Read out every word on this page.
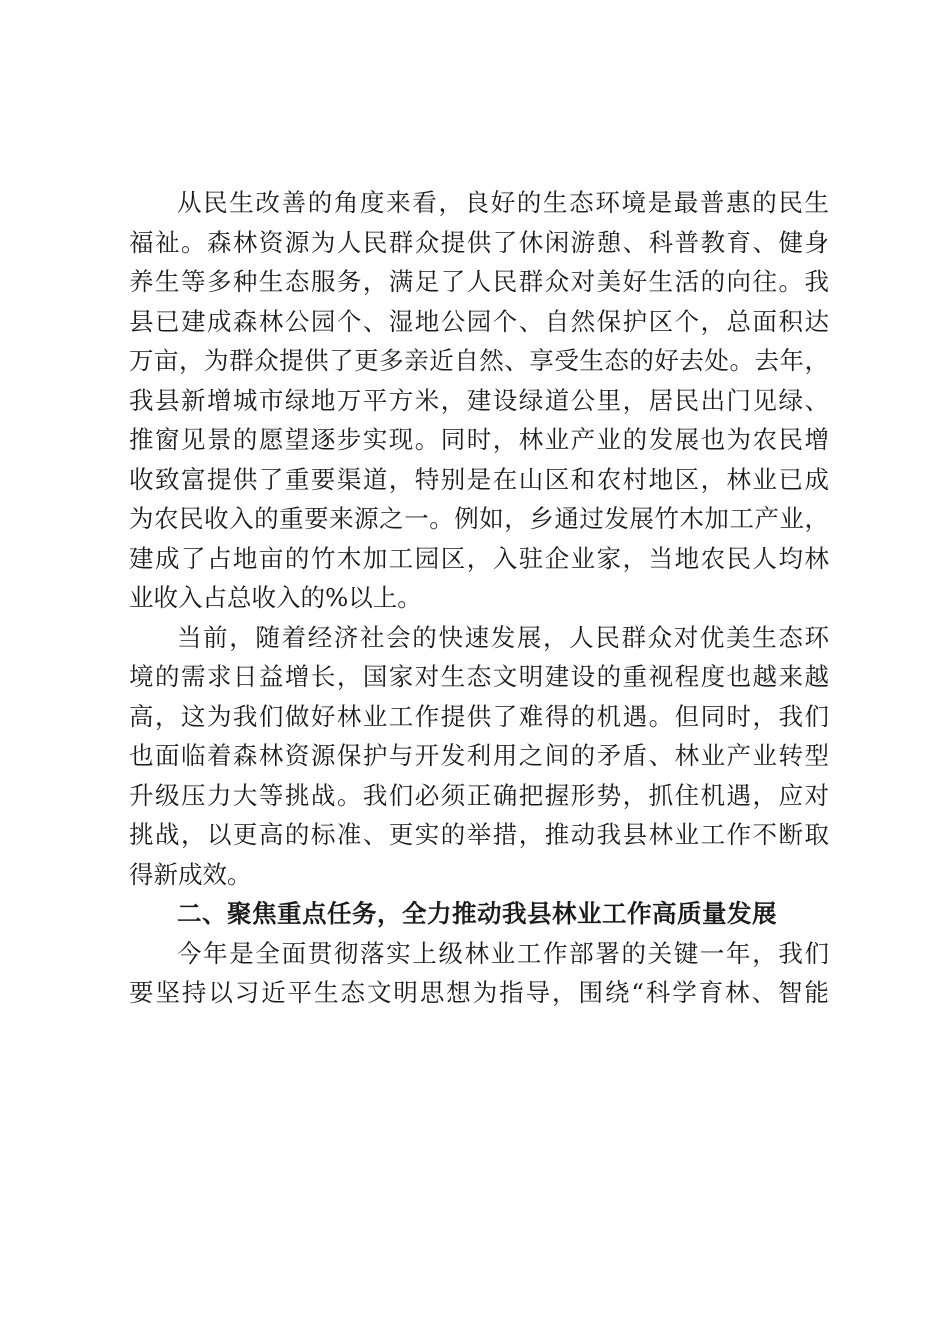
从民生改善的角度来看，良好的生态环境是最普惠的民生
福祉。森林资源为人民群众提供了休闲游憩、科普教育、健身
养生等多种生态服务，满足了人民群众对美好生活的向往。我
县已建成森林公园个、湿地公园个、自然保护区个，总面积达
万亩，为群众提供了更多亲近自然、享受生态的好去处。去年，
我县新增城市绿地万平方米，建设绿道公里，居民出门见绿、
推窗见景的愿望逐步实现。同时，林业产业的发展也为农民增
收致富提供了重要渠道，特别是在山区和农村地区，林业已成
为农民收入的重要来源之一。例如，乡通过发展竹木加工产业，
建成了占地亩的竹木加工园区，入驻企业家，当地农民人均林
业收入占总收入的%以上。
当前，随着经济社会的快速发展，人民群众对优美生态环
境的需求日益增长，国家对生态文明建设的重视程度也越来越
高，这为我们做好林业工作提供了难得的机遇。但同时，我们
也面临着森林资源保护与开发利用之间的矛盾、林业产业转型
升级压力大等挑战。我们必须正确把握形势，抓住机遇，应对
挑战，以更高的标准、更实的举措，推动我县林业工作不断取
得新成效。
二、聚焦重点任务，全力推动我县林业工作高质量发展
今年是全面贯彻落实上级林业工作部署的关键一年，我们
要坚持以习近平生态文明思想为指导，围绕“科学育林、智能
